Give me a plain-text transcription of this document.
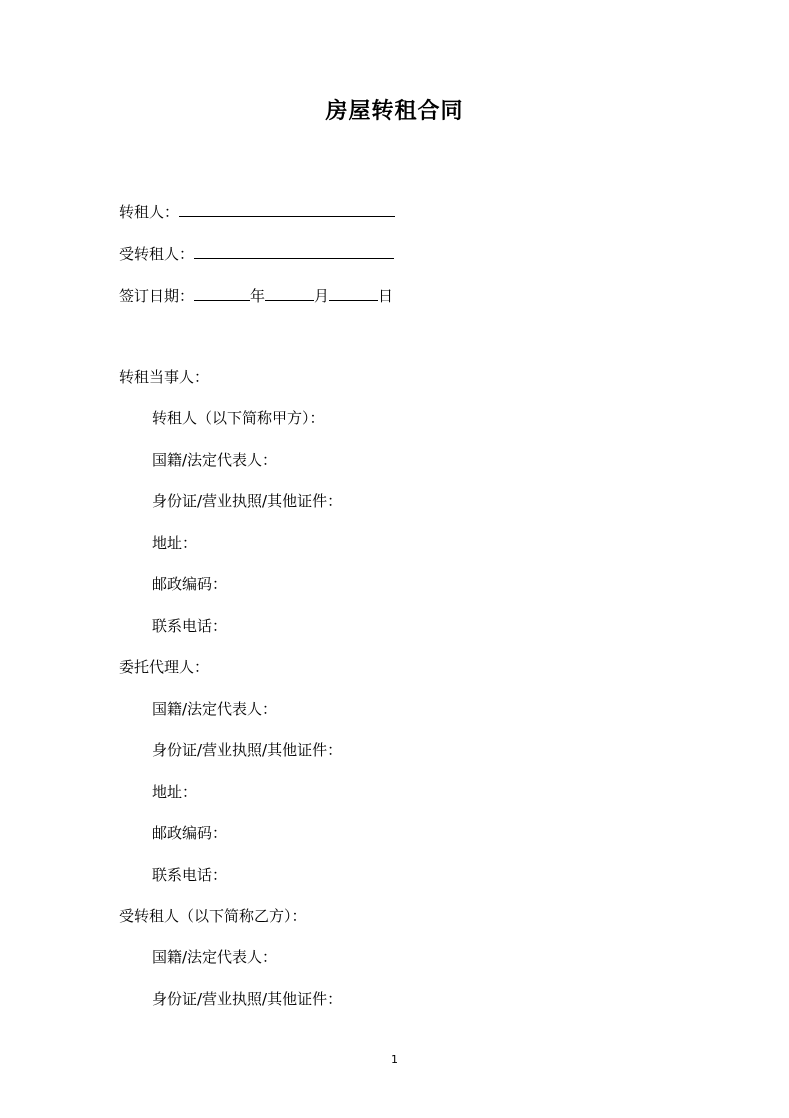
房屋转租合同
转租人：
受转租人：
签订日期：	年	月	日
转租当事人：
转租人（以下简称甲方）：
国籍/法定代表人：
身份证/营业执照/其他证件：
地址：
邮政编码：
联系电话：
委托代理人：
国籍/法定代表人：
身份证/营业执照/其他证件：
地址：
邮政编码：
联系电话：
受转租人（以下简称乙方）：
国籍/法定代表人：
身份证/营业执照/其他证件：
1
